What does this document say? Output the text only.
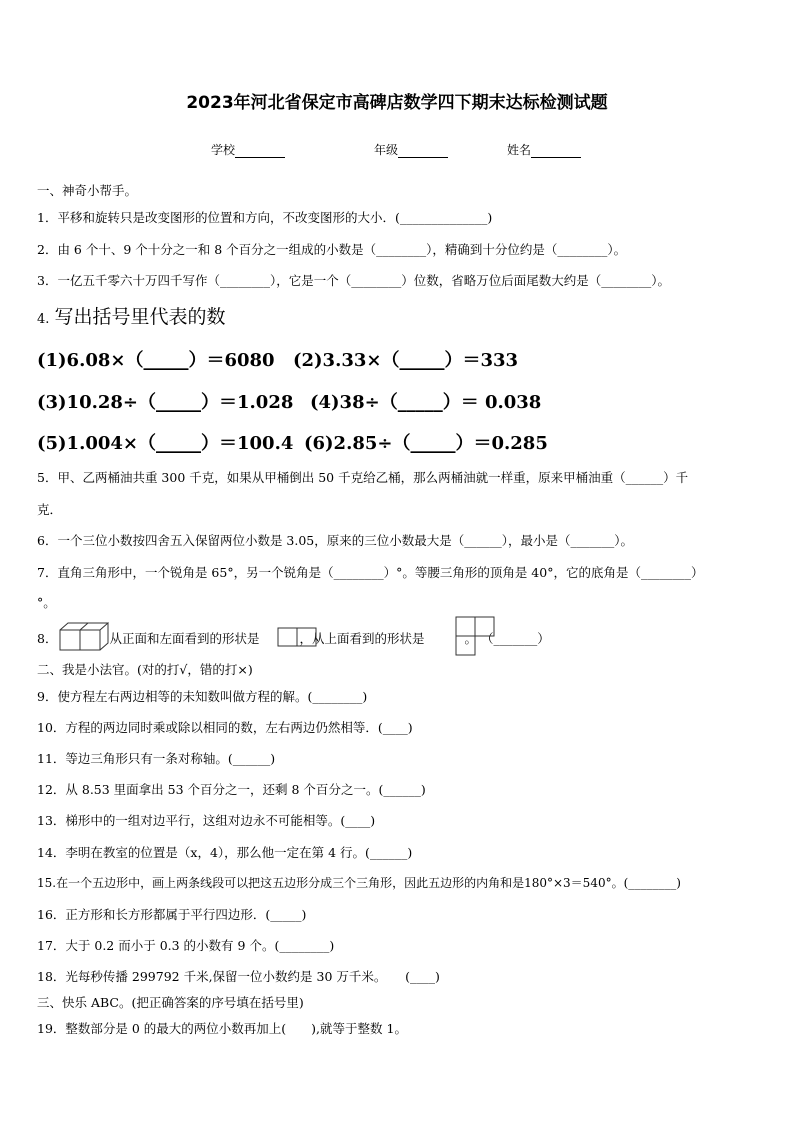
2023年河北省保定市高碑店数学四下期末达标检测试题
学校	年级	姓名
一、神奇小帮手。
1．平移和旋转只是改变图形的位置和方向，不改变图形的大小．(______________)
2．由 6 个十、9 个十分之一和 8 个百分之一组成的小数是（________），精确到十分位约是（________）。
3．一亿五千零六十万四千写作（________），它是一个（________）位数，省略万位后面尾数大约是（________）。
4. 写出括号里代表的数
(1)6.08×（_____）＝6080 (2)3.33×（_____）＝333
(3)10.28÷（_____）＝1.028 (4)38÷（_____）＝ 0.038
(5)1.004×（_____）＝100.4 (6)2.85÷（_____）＝0.285
5．甲、乙两桶油共重 300 千克，如果从甲桶倒出 50 千克给乙桶，那么两桶油就一样重，原来甲桶油重（______）千
克．
6．一个三位小数按四舍五入保留两位小数是 3.05，原来的三位小数最大是（______），最小是（_______）。
7．直角三角形中，一个锐角是 65°，另一个锐角是（________）°。等腰三角形的顶角是 40°，它的底角是（________）
°。
8．	从正面和左面看到的形状是	，从上面看到的形状是	。 （_______）
二、我是小法官。(对的打√，错的打×)
9．使方程左右两边相等的未知数叫做方程的解。(________)
10．方程的两边同时乘或除以相同的数，左右两边仍然相等．(____)
11．等边三角形只有一条对称轴。(______)
12．从 8.53 里面拿出 53 个百分之一，还剩 8 个百分之一。(______)
13．梯形中的一组对边平行，这组对边永不可能相等。(____)
14．李明在教室的位置是（x，4），那么他一定在第 4 行。(______)
15.在一个五边形中，画上两条线段可以把这五边形分成三个三角形，因此五边形的内角和是180°×3＝540°。(________)
16．正方形和长方形都属于平行四边形．(_____)
17．大于 0.2 而小于 0.3 的小数有 9 个。(________)
18．光每秒传播 299792 千米,保留一位小数约是 30 万千米。　　(____)
三、快乐 ABC。(把正确答案的序号填在括号里)
19．整数部分是 0 的最大的两位小数再加上(　　),就等于整数 1。
